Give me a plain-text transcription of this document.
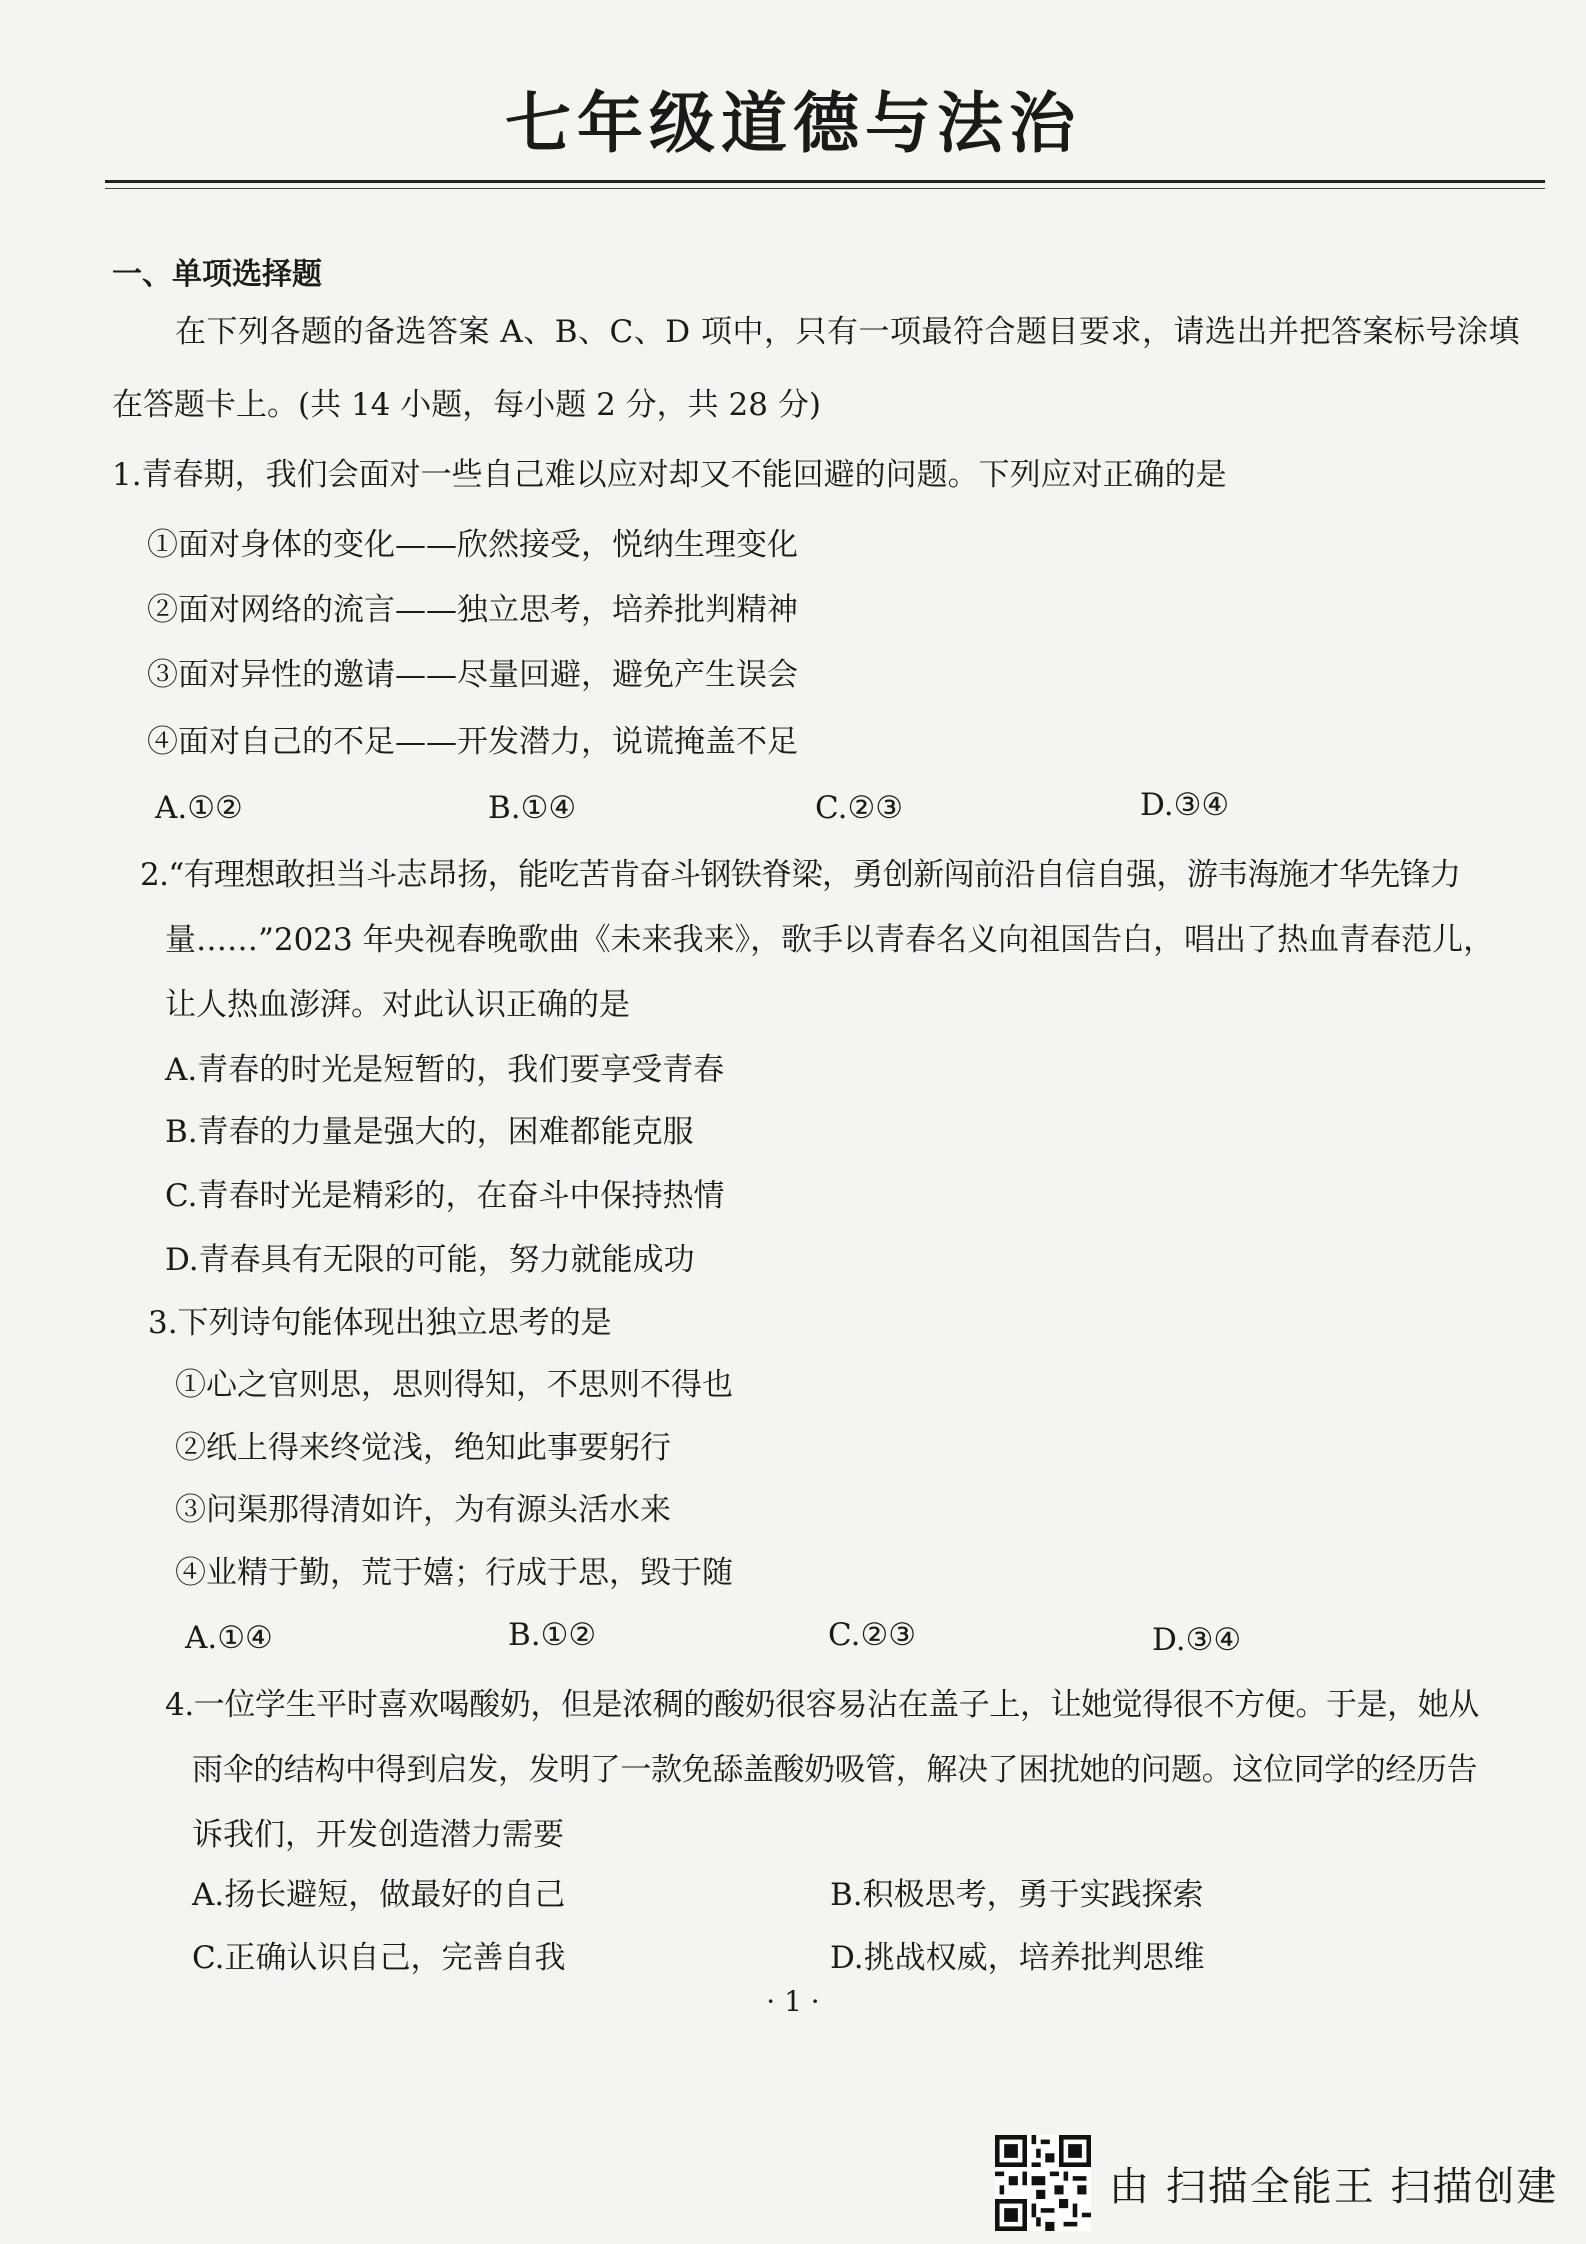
七年级道德与法治
一、单项选择题
在下列各题的备选答案 A、B、C、D 项中，只有一项最符合题目要求，请选出并把答案标号涂填
在答题卡上。(共 14 小题，每小题 2 分，共 28 分)
1.青春期，我们会面对一些自己难以应对却又不能回避的问题。下列应对正确的是
①面对身体的变化——欣然接受，悦纳生理变化
②面对网络的流言——独立思考，培养批判精神
③面对异性的邀请——尽量回避，避免产生误会
④面对自己的不足——开发潜力，说谎掩盖不足
A.①②	B.①④	C.②③	D.③④
2.“有理想敢担当斗志昂扬，能吃苦肯奋斗钢铁脊梁，勇创新闯前沿自信自强，游韦海施才华先锋力
量……”2023 年央视春晚歌曲《未来我来》，歌手以青春名义向祖国告白，唱出了热血青春范儿，
让人热血澎湃。对此认识正确的是
A.青春的时光是短暂的，我们要享受青春
B.青春的力量是强大的，困难都能克服
C.青春时光是精彩的，在奋斗中保持热情
D.青春具有无限的可能，努力就能成功
3.下列诗句能体现出独立思考的是
①心之官则思，思则得知，不思则不得也
②纸上得来终觉浅，绝知此事要躬行
③问渠那得清如许，为有源头活水来
④业精于勤，荒于嬉；行成于思，毁于随
A.①④	B.①②	C.②③	D.③④
4.一位学生平时喜欢喝酸奶，但是浓稠的酸奶很容易沾在盖子上，让她觉得很不方便。于是，她从
雨伞的结构中得到启发，发明了一款免舔盖酸奶吸管，解决了困扰她的问题。这位同学的经历告
诉我们，开发创造潜力需要
A.扬长避短，做最好的自己	B.积极思考，勇于实践探索
C.正确认识自己，完善自我	D.挑战权威，培养批判思维
· 1 ·
由 扫描全能王 扫描创建
